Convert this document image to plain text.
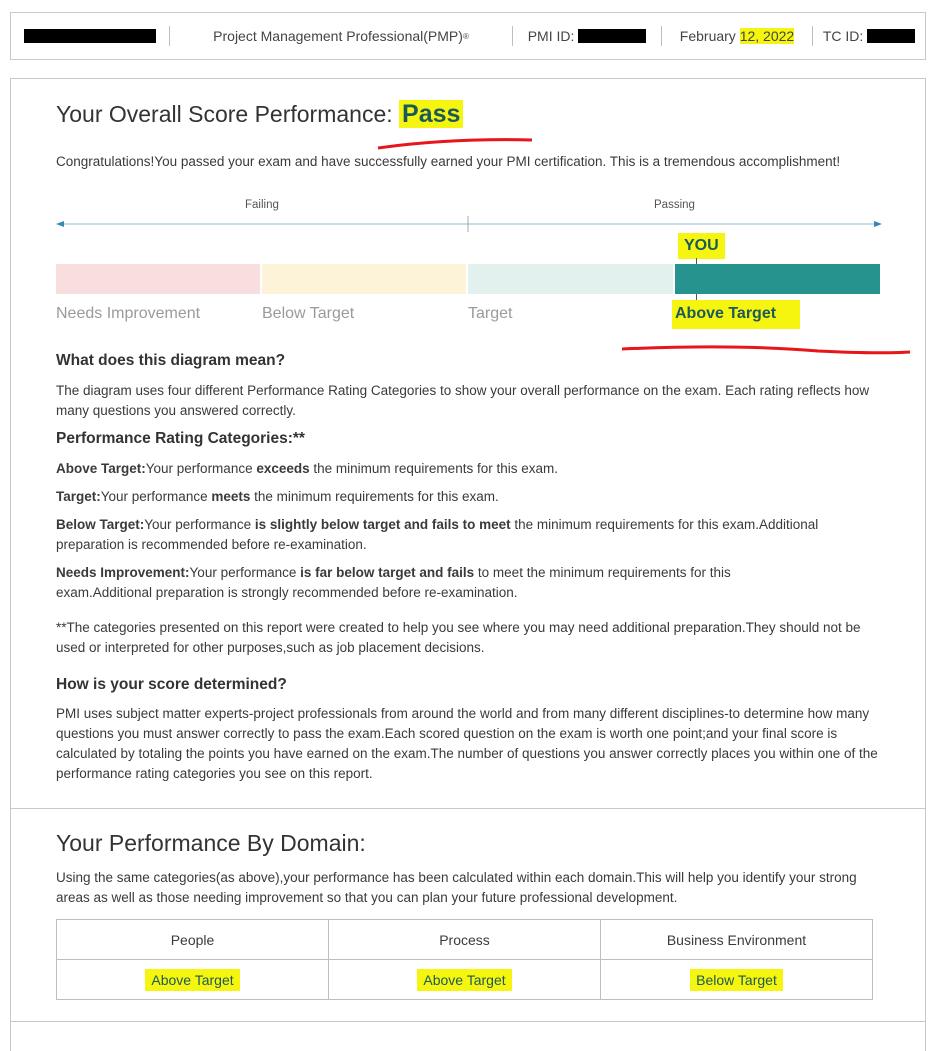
Project Management Professional(PMP) ®	PMI ID:
	February
12, 2022 TC ID:

Your Overall Score Performance: Pass
Congratulations!You passed your exam and have successfully earned your PMI certification. This is a tremendous accomplishment!
Failing	Passing
YOU
Needs Improvement	Below Target	Target	Above Target
What does this diagram mean?
The diagram uses four different Performance Rating Categories to show your overall performance on the exam. Each rating reflects how many questions you answered correctly.
Performance Rating Categories:**
Above Target:Your performance exceeds the minimum requirements for this exam.
Target:Your performance meets the minimum requirements for this exam.
Below Target:Your performance is slightly below target and fails to meet the minimum requirements for this exam.Additional preparation is recommended before re-examination.
Needs Improvement:Your performance is far below target and fails to meet the minimum requirements for this exam.Additional preparation is strongly recommended before re-examination.
**The categories presented on this report were created to help you see where you may need additional preparation.They should not be used or interpreted for other purposes,such as job placement decisions.
How is your score determined?
PMI uses subject matter experts-project professionals from around the world and from many different disciplines-to determine how many questions you must answer correctly to pass the exam.Each scored question on the exam is worth one point;and your final score is calculated by totaling the points you have earned on the exam.The number of questions you answer correctly places you within one of the performance rating categories you see on this report.
Your Performance By Domain:
Using the same categories(as above),your performance has been calculated within each domain.This will help you identify your strong areas as well as those needing improvement so that you can plan your future professional development.
People	Process	Business Environment
Above Target	Above Target	Below Target
